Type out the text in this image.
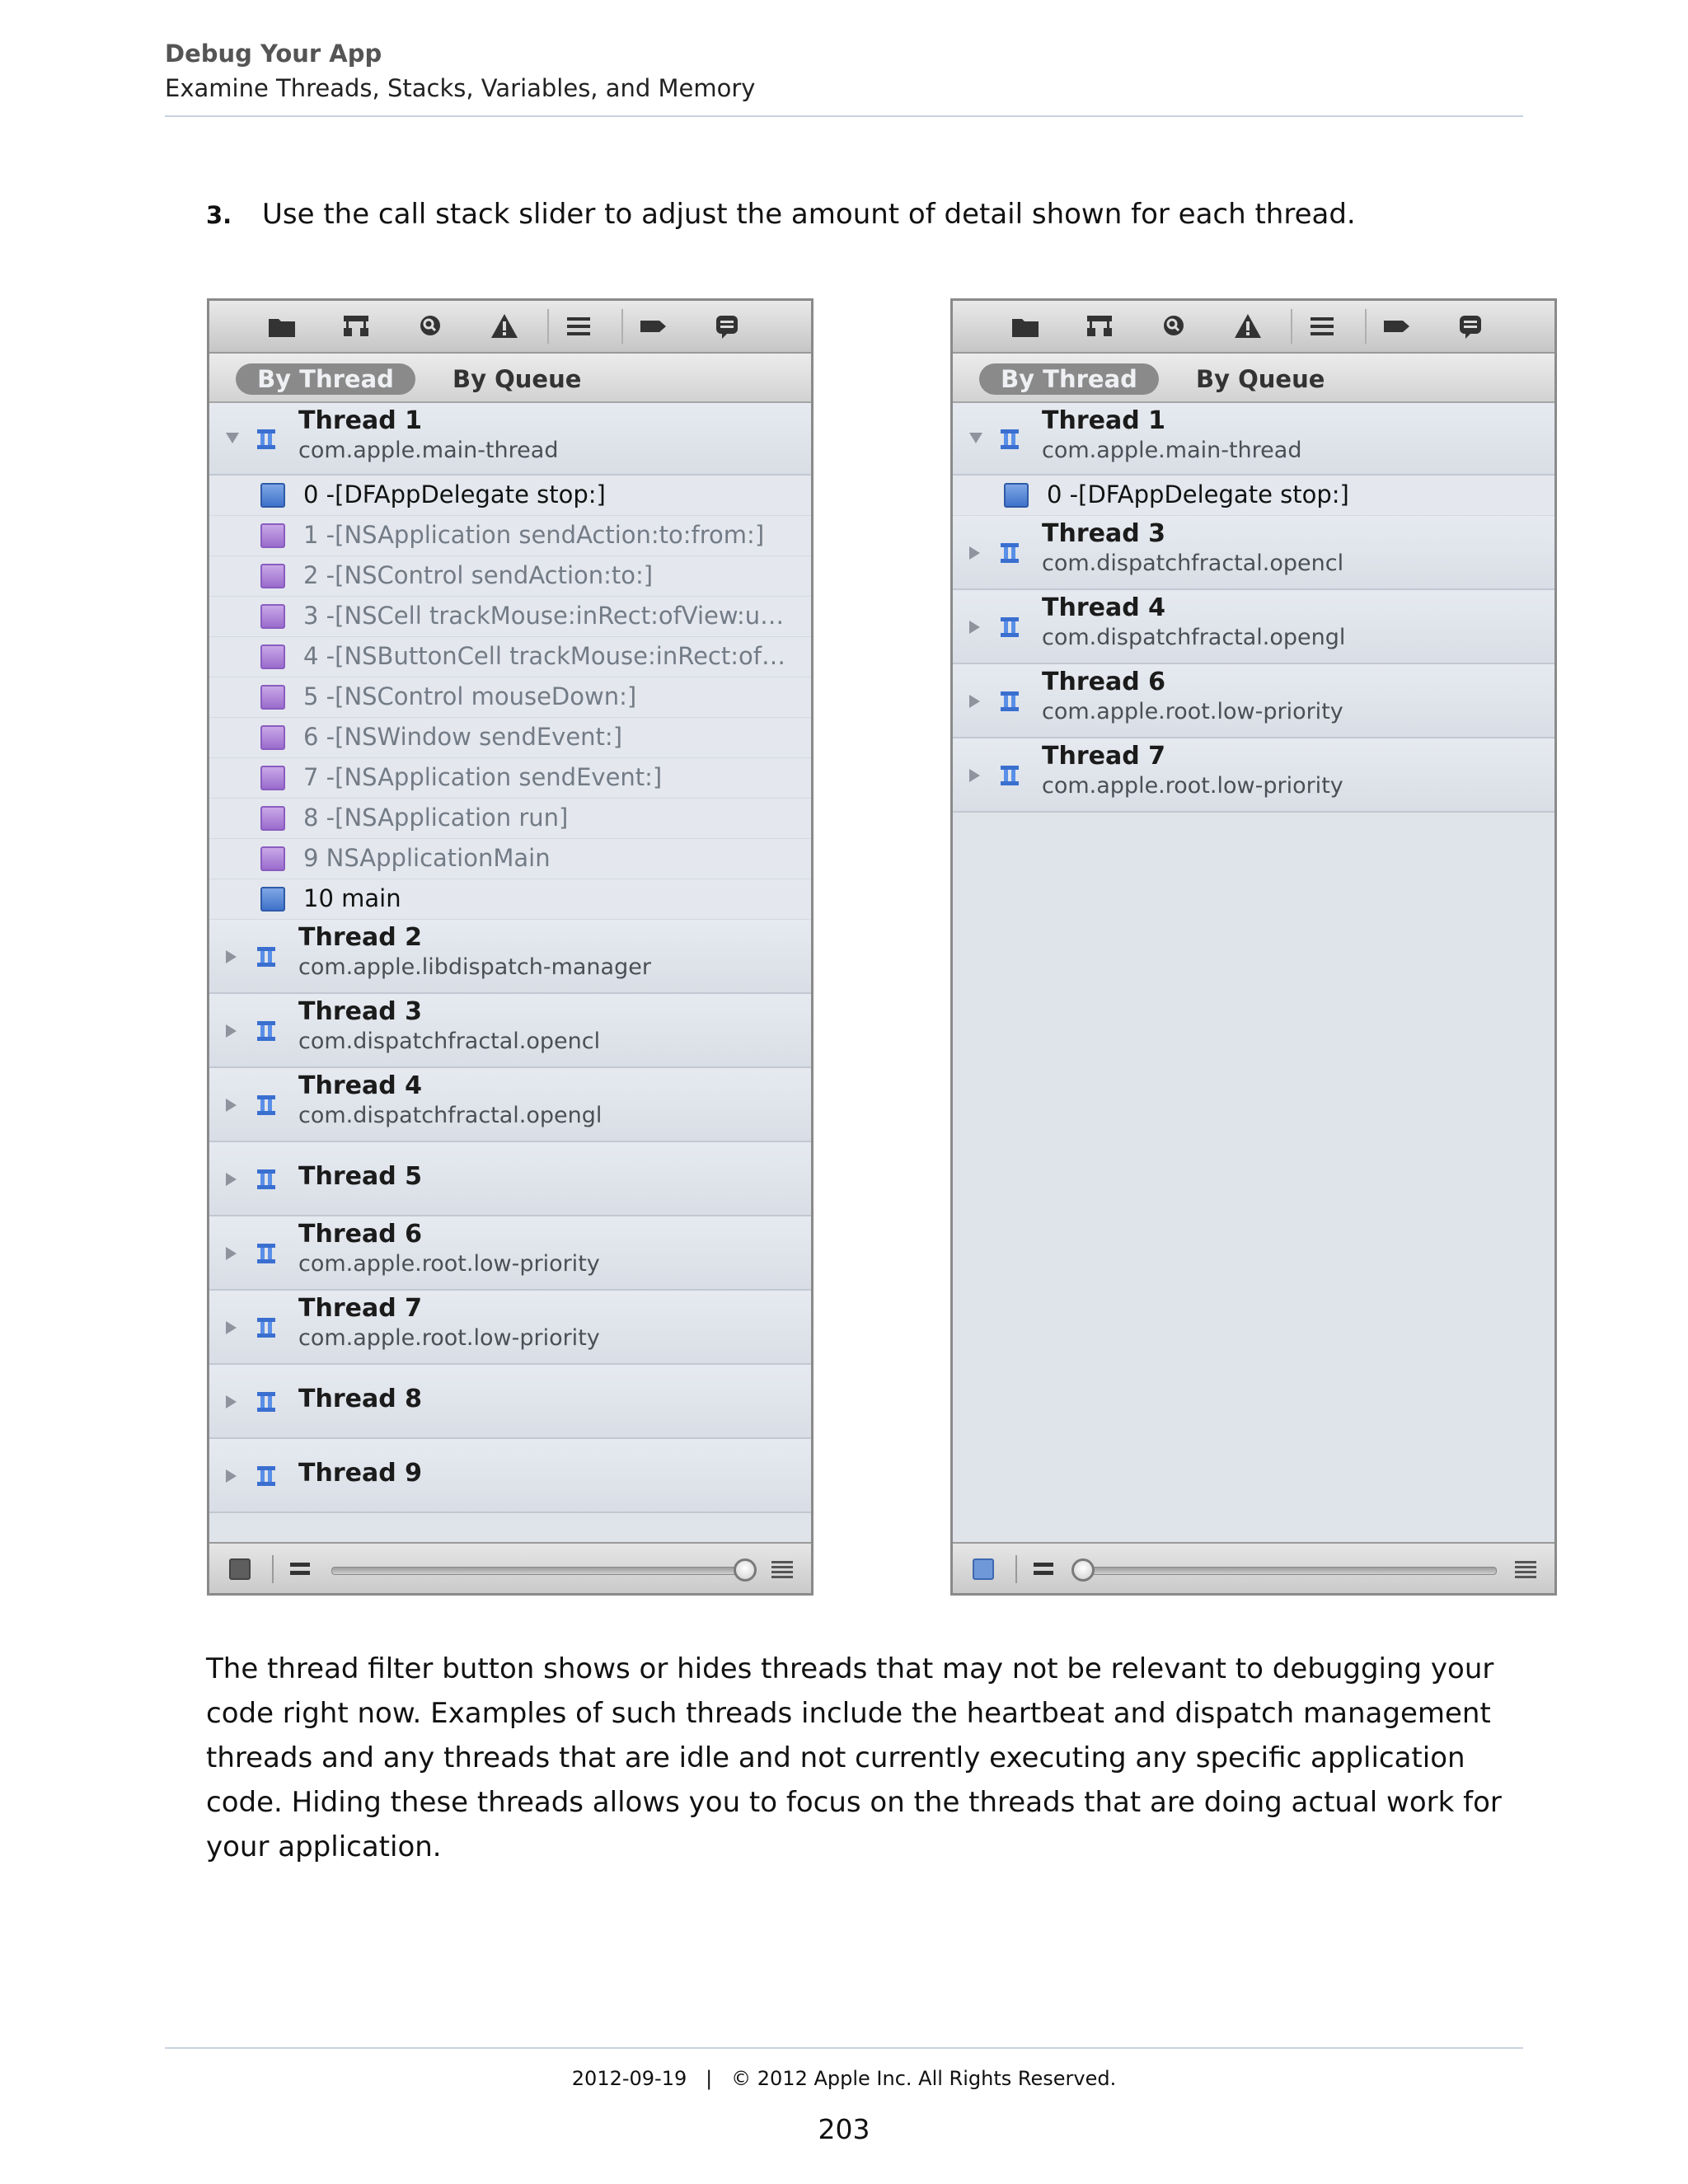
Debug Your App
Examine Threads, Stacks, Variables, and Memory
3. Use the call stack slider to adjust the amount of detail shown for each thread.
By Thread	By Queue
Thread 1
com.apple.main-thread
0 -[DFAppDelegate stop:]
1 -[NSApplication sendAction:to:from:]
2 -[NSControl sendAction:to:]
3 -[NSCell trackMouse:inRect:ofView:u…
4 -[NSButtonCell trackMouse:inRect:of…
5 -[NSControl mouseDown:]
6 -[NSWindow sendEvent:]
7 -[NSApplication sendEvent:]
8 -[NSApplication run]
9 NSApplicationMain
10 main
Thread 2
com.apple.libdispatch-manager
Thread 3
com.dispatchfractal.opencl
Thread 4
com.dispatchfractal.opengl
Thread 5
Thread 6
com.apple.root.low-priority
Thread 7
com.apple.root.low-priority
Thread 8
Thread 9
By Thread	By Queue
Thread 1
com.apple.main-thread
0 -[DFAppDelegate stop:]
Thread 3
com.dispatchfractal.opencl
Thread 4
com.dispatchfractal.opengl
Thread 6
com.apple.root.low-priority
Thread 7
com.apple.root.low-priority
The thread filter button shows or hides threads that may not be relevant to debugging your code right now. Examples of such threads include the heartbeat and dispatch management threads and any threads that are idle and not currently executing any specific application code. Hiding these threads allows you to focus on the threads that are doing actual work for your application.
2012-09-19 | © 2012 Apple Inc. All Rights Reserved.
203
